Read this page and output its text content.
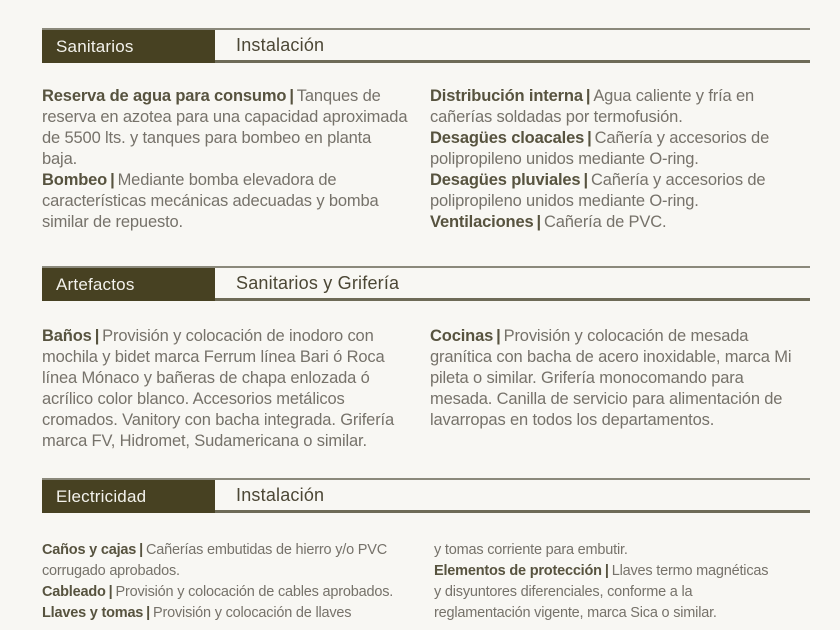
Sanitarios	Instalación

Reserva de agua para consumo | Tanques de reserva en azotea para una capacidad aproximada de 5500 lts. y tanques para bombeo en planta baja.

Bombeo | Mediante bomba elevadora de características mecánicas adecuadas y bomba similar de repuesto.

Distribución interna | Agua caliente y fría en cañerías soldadas por termofusión.

Desagües cloacales | Cañería y accesorios de polipropileno unidos mediante O-ring.

Desagües pluviales | Cañería y accesorios de polipropileno unidos mediante O-ring.

Ventilaciones | Cañería de PVC.

Artefactos	Sanitarios y Grifería

Baños | Provisión y colocación de inodoro con mochila y bidet marca Ferrum línea Bari ó Roca línea Mónaco y bañeras de chapa enlozada ó acrílico color blanco. Accesorios metálicos cromados. Vanitory con bacha integrada. Grifería marca FV, Hidromet, Sudamericana o similar.

Cocinas | Provisión y colocación de mesada granítica con bacha de acero inoxidable, marca Mi pileta o similar. Grifería monocomando para mesada. Canilla de servicio para alimentación de lavarropas en todos los departamentos.

Electricidad	Instalación

Caños y cajas | Cañerías embutidas de hierro y/o PVC corrugado aprobados.

Cableado | Provisión y colocación de cables aprobados.

Llaves y tomas | Provisión y colocación de llaves

y tomas corriente para embutir.

Elementos de protección | Llaves termo magnéticas y disyuntores diferenciales, conforme a la reglamentación vigente, marca Sica o similar.
